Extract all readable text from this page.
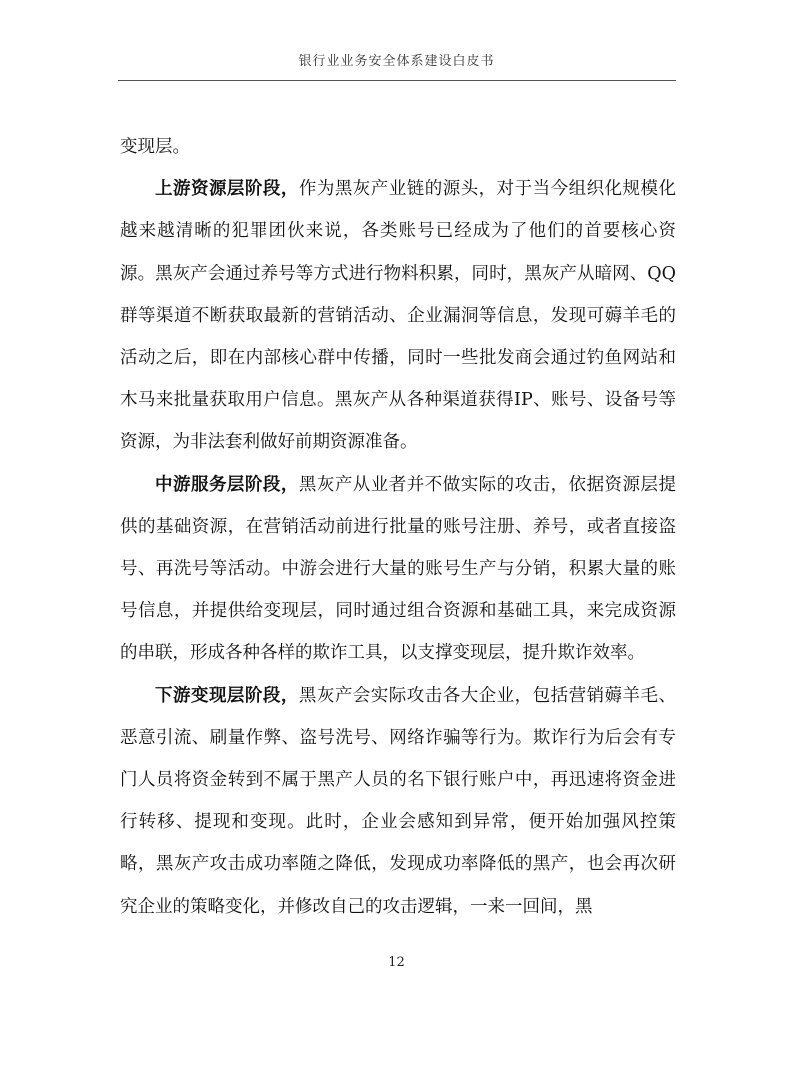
银行业业务安全体系建设白皮书

变现层。

上游资源层阶段，作为黑灰产业链的源头，对于当今组织化规模化越来越清晰的犯罪团伙来说，各类账号已经成为了他们的首要核心资源。黑灰产会通过养号等方式进行物料积累，同时，黑灰产从暗网、QQ群等渠道不断获取最新的营销活动、企业漏洞等信息，发现可薅羊毛的活动之后，即在内部核心群中传播，同时一些批发商会通过钓鱼网站和木马来批量获取用户信息。黑灰产从各种渠道获得IP、账号、设备号等资源，为非法套利做好前期资源准备。

中游服务层阶段，黑灰产从业者并不做实际的攻击，依据资源层提供的基础资源，在营销活动前进行批量的账号注册、养号，或者直接盗号、再洗号等活动。中游会进行大量的账号生产与分销，积累大量的账号信息，并提供给变现层，同时通过组合资源和基础工具，来完成资源的串联，形成各种各样的欺诈工具，以支撑变现层，提升欺诈效率。

下游变现层阶段，黑灰产会实际攻击各大企业，包括营销薅羊毛、恶意引流、刷量作弊、盗号洗号、网络诈骗等行为。欺诈行为后会有专门人员将资金转到不属于黑产人员的名下银行账户中，再迅速将资金进行转移、提现和变现。此时，企业会感知到异常，便开始加强风控策略，黑灰产攻击成功率随之降低，发现成功率降低的黑产，也会再次研究企业的策略变化，并修改自己的攻击逻辑，一来一回间，黑

12
